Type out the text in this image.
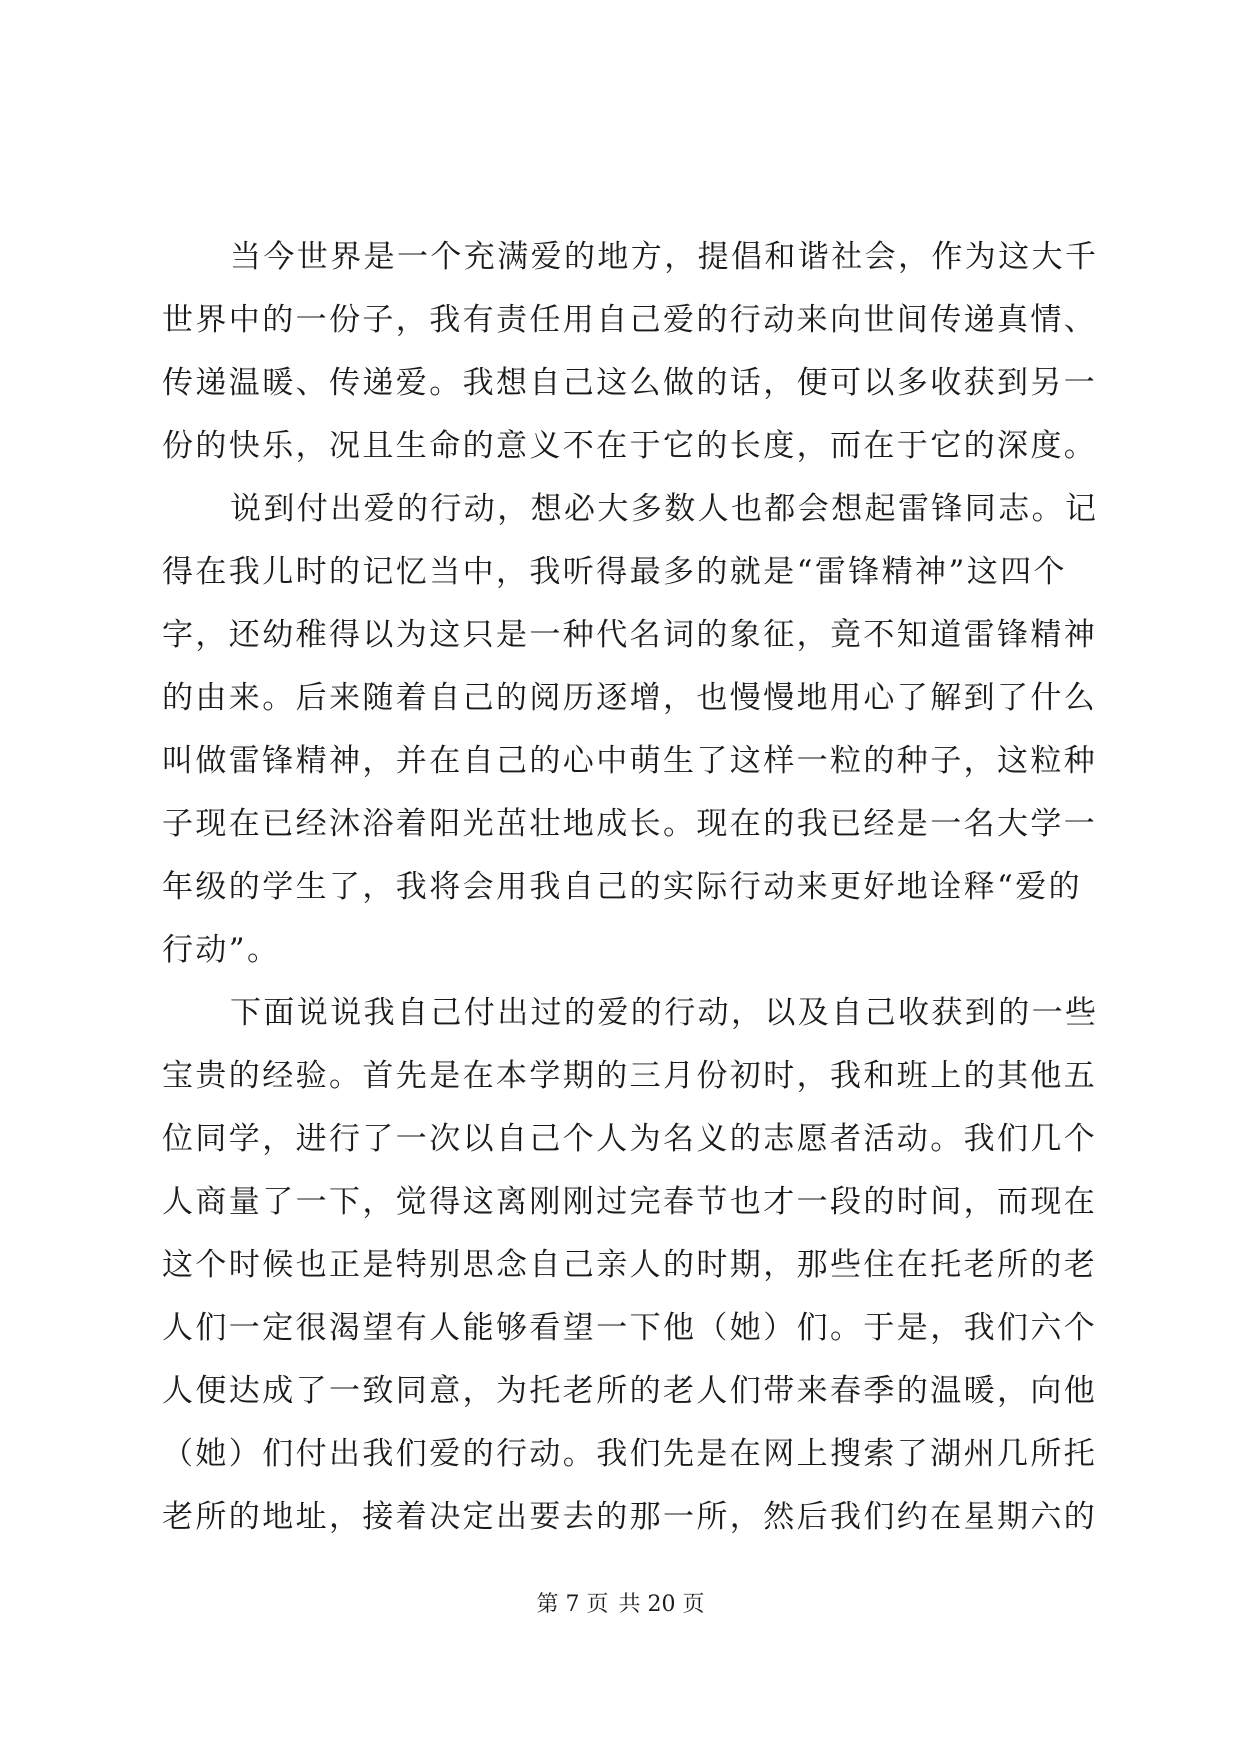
当今世界是一个充满爱的地方，提倡和谐社会，作为这大千
世界中的一份子，我有责任用自己爱的行动来向世间传递真情、
传递温暖、传递爱。我想自己这么做的话，便可以多收获到另一
份的快乐，况且生命的意义不在于它的长度，而在于它的深度。
说到付出爱的行动，想必大多数人也都会想起雷锋同志。记
得在我儿时的记忆当中，我听得最多的就是“雷锋精神”这四个
字，还幼稚得以为这只是一种代名词的象征，竟不知道雷锋精神
的由来。后来随着自己的阅历逐增，也慢慢地用心了解到了什么
叫做雷锋精神，并在自己的心中萌生了这样一粒的种子，这粒种
子现在已经沐浴着阳光茁壮地成长。现在的我已经是一名大学一
年级的学生了，我将会用我自己的实际行动来更好地诠释“爱的
行动”。
下面说说我自己付出过的爱的行动，以及自己收获到的一些
宝贵的经验。首先是在本学期的三月份初时，我和班上的其他五
位同学，进行了一次以自己个人为名义的志愿者活动。我们几个
人商量了一下，觉得这离刚刚过完春节也才一段的时间，而现在
这个时候也正是特别思念自己亲人的时期，那些住在托老所的老
人们一定很渴望有人能够看望一下他（她）们。于是，我们六个
人便达成了一致同意，为托老所的老人们带来春季的温暖，向他
（她）们付出我们爱的行动。我们先是在网上搜索了湖州几所托
老所的地址，接着决定出要去的那一所，然后我们约在星期六的
第 7 页 共 20 页
